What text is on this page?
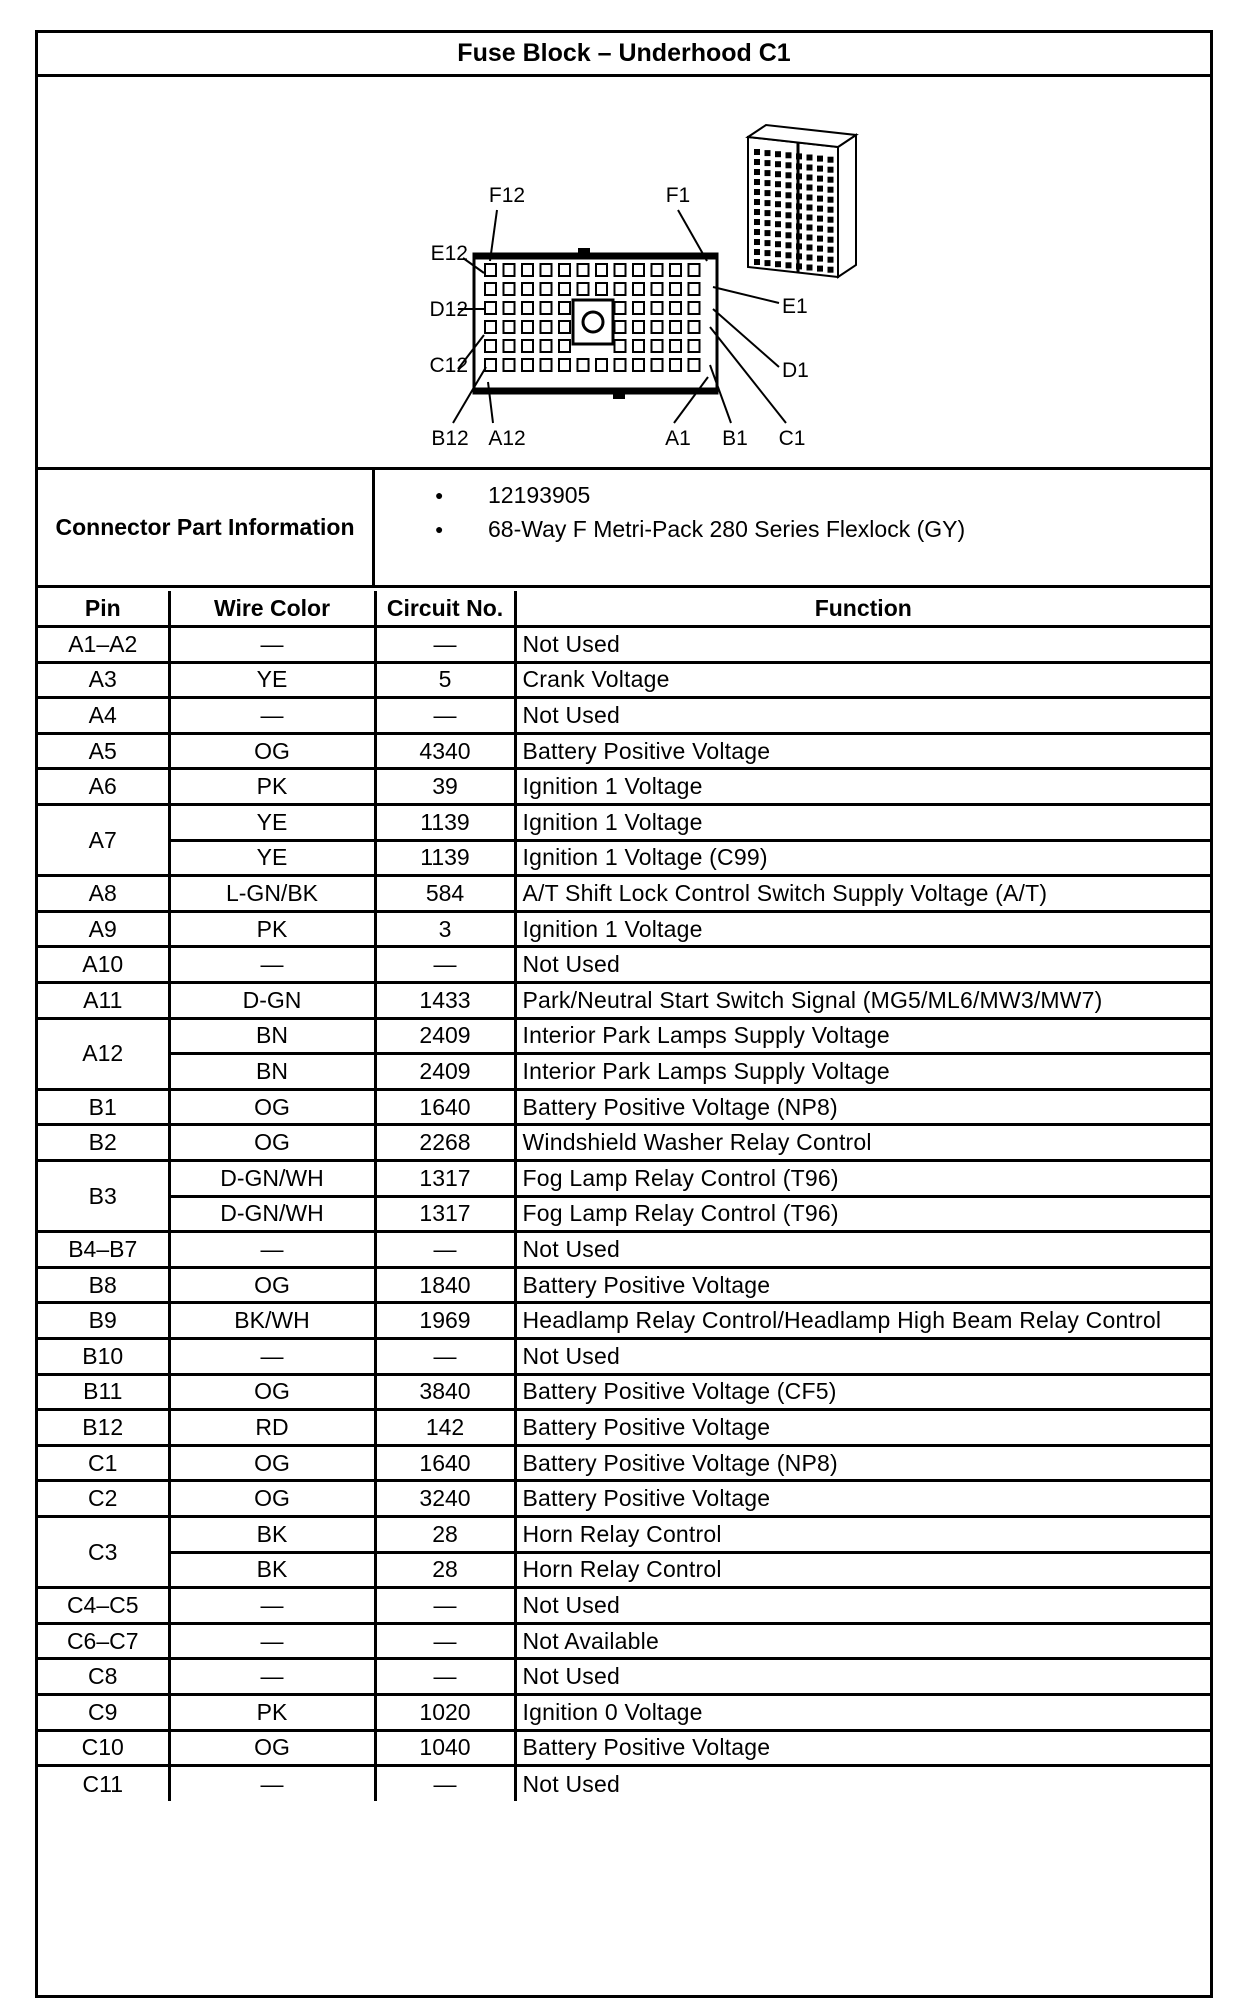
Fuse Block – Underhood C1
F12	F1
E12
D12
C12
E1
D1
B12 A12	A1 B1 C1
Connector Part Information
● 12193905
● 68-Way F Metri-Pack 280 Series Flexlock (GY)
Pin	Wire Color	Circuit No.	Function
A1–A2	—	—	Not Used
A3	YE	5	Crank Voltage
A4	—	—	Not Used
A5	OG	4340	Battery Positive Voltage
A6	PK	39	Ignition 1 Voltage
A7	YE	1139	Ignition 1 Voltage
	YE	1139	Ignition 1 Voltage (C99)
A8	L-GN/BK	584	A/T Shift Lock Control Switch Supply Voltage (A/T)
A9	PK	3	Ignition 1 Voltage
A10	—	—	Not Used
A11	D-GN	1433	Park/Neutral Start Switch Signal (MG5/ML6/MW3/MW7)
A12	BN	2409	Interior Park Lamps Supply Voltage
	BN	2409	Interior Park Lamps Supply Voltage
B1	OG	1640	Battery Positive Voltage (NP8)
B2	OG	2268	Windshield Washer Relay Control
B3	D-GN/WH	1317	Fog Lamp Relay Control (T96)
	D-GN/WH	1317	Fog Lamp Relay Control (T96)
B4–B7	—	—	Not Used
B8	OG	1840	Battery Positive Voltage
B9	BK/WH	1969	Headlamp Relay Control/Headlamp High Beam Relay Control
B10	—	—	Not Used
B11	OG	3840	Battery Positive Voltage (CF5)
B12	RD	142	Battery Positive Voltage
C1	OG	1640	Battery Positive Voltage (NP8)
C2	OG	3240	Battery Positive Voltage
C3	BK	28	Horn Relay Control
	BK	28	Horn Relay Control
C4–C5	—	—	Not Used
C6–C7	—	—	Not Available
C8	—	—	Not Used
C9	PK	1020	Ignition 0 Voltage
C10	OG	1040	Battery Positive Voltage
C11	—	—	Not Used
